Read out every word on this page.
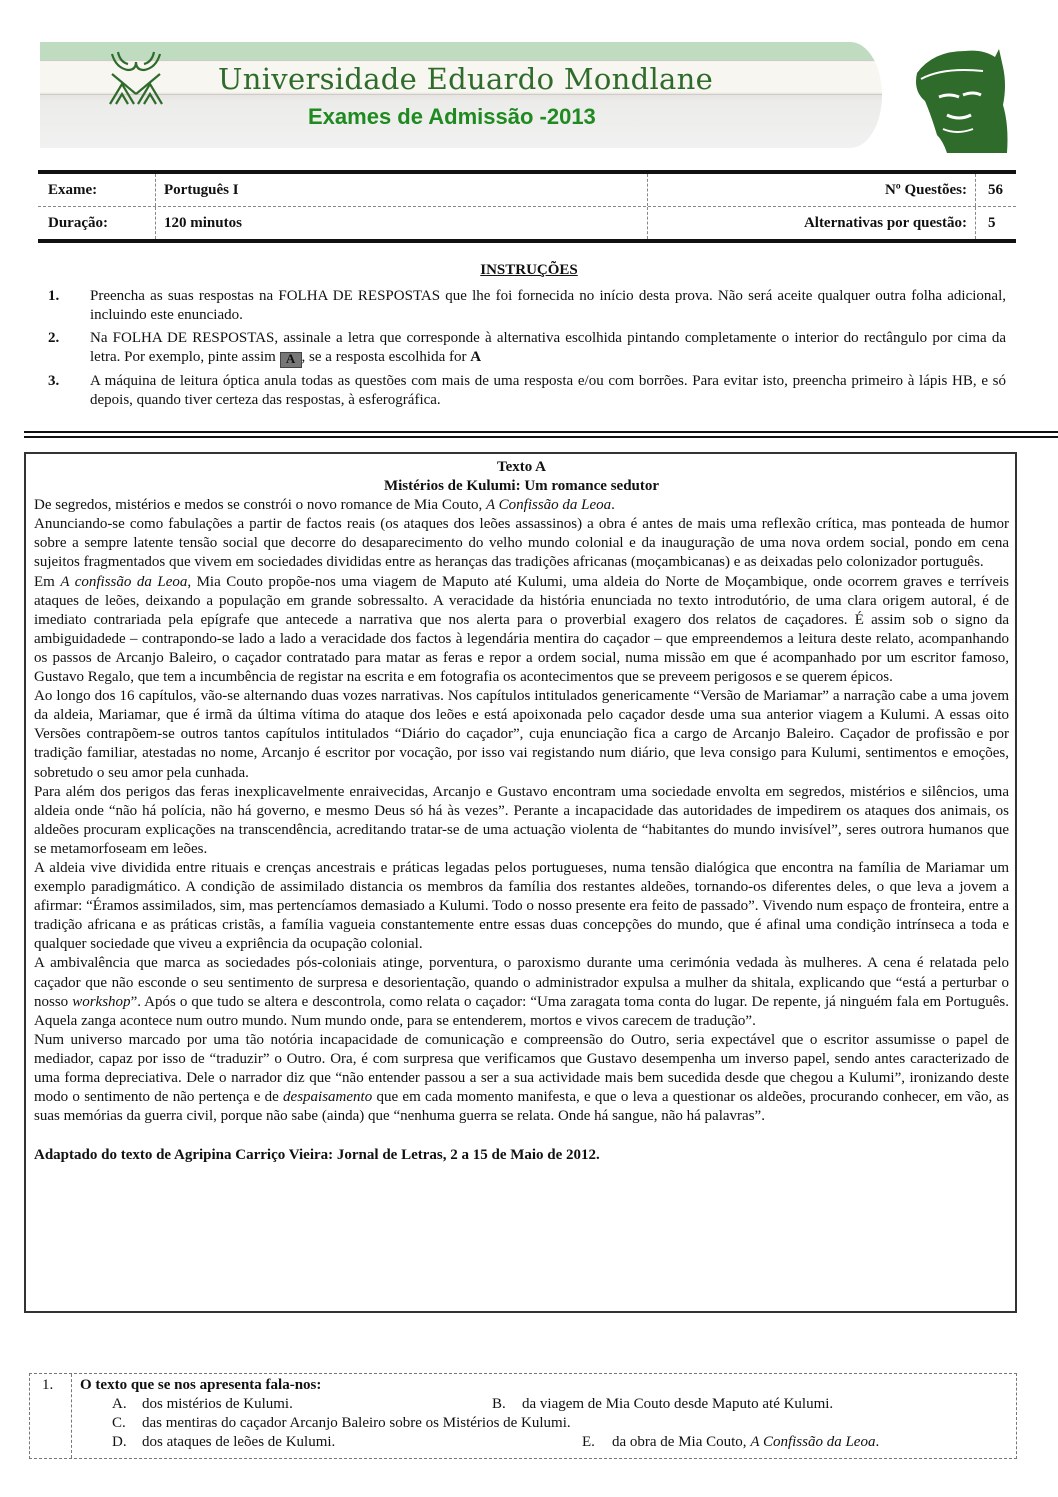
Universidade Eduardo Mondlane
Exames de Admissão -2013
Exame:	Português I	Nº Questões:	56
Duração:	120 minutos	Alternativas por questão:	5
INSTRUÇÕES
1.	Preencha as suas respostas na FOLHA DE RESPOSTAS que lhe foi fornecida no início desta prova. Não será aceite qualquer outra folha adicional, incluindo este enunciado.
2.	Na FOLHA DE RESPOSTAS, assinale a letra que corresponde à alternativa escolhida pintando completamente o interior do rectângulo por cima da letra. Por exemplo, pinte assim A , se a resposta escolhida for A
3.	A máquina de leitura óptica anula todas as questões com mais de uma resposta e/ou com borrões. Para evitar isto, preencha primeiro à lápis HB, e só depois, quando tiver certeza das respostas, à esferográfica.
Texto A
Mistérios de Kulumi: Um romance sedutor

De segredos, mistérios e medos se constrói o novo romance de Mia Couto, A Confissão da Leoa.

Anunciando-se como fabulações a partir de factos reais (os ataques dos leões assassinos) a obra é antes de mais uma reflexão crítica, mas ponteada de humor sobre a sempre latente tensão social que decorre do desaparecimento do velho mundo colonial e da inauguração de uma nova ordem social, pondo em cena sujeitos fragmentados que vivem em sociedades divididas entre as heranças das tradições africanas (moçambicanas) e as deixadas pelo colonizador português.

Em A confissão da Leoa, Mia Couto propõe-nos uma viagem de Maputo até Kulumi, uma aldeia do Norte de Moçambique, onde ocorrem graves e terríveis ataques de leões, deixando a população em grande sobressalto. A veracidade da história enunciada no texto introdutório, de uma clara origem autoral, é de imediato contrariada pela epígrafe que antecede a narrativa que nos alerta para o proverbial exagero dos relatos de caçadores. É assim sob o signo da ambiguidadede – contrapondo-se lado a lado a veracidade dos factos à legendária mentira do caçador – que empreendemos a leitura deste relato, acompanhando os passos de Arcanjo Baleiro, o caçador contratado para matar as feras e repor a ordem social, numa missão em que é acompanhado por um escritor famoso, Gustavo Regalo, que tem a incumbência de registar na escrita e em fotografia os acontecimentos que se preveem perigosos e se querem épicos.

Ao longo dos 16 capítulos, vão-se alternando duas vozes narrativas. Nos capítulos intitulados genericamente “Versão de Mariamar” a narração cabe a uma jovem da aldeia, Mariamar, que é irmã da última vítima do ataque dos leões e está apoixonada pelo caçador desde uma sua anterior viagem a Kulumi. A essas oito Versões contrapõem-se outros tantos capítulos intitulados “Diário do caçador”, cuja enunciação fica a cargo de Arcanjo Baleiro. Caçador de profissão e por tradição familiar, atestadas no nome, Arcanjo é escritor por vocação, por isso vai registando num diário, que leva consigo para Kulumi, sentimentos e emoções, sobretudo o seu amor pela cunhada.

Para além dos perigos das feras inexplicavelmente enraivecidas, Arcanjo e Gustavo encontram uma sociedade envolta em segredos, mistérios e silêncios, uma aldeia onde “não há polícia, não há governo, e mesmo Deus só há às vezes”. Perante a incapacidade das autoridades de impedirem os ataques dos animais, os aldeões procuram explicações na transcendência, acreditando tratar-se de uma actuação violenta de “habitantes do mundo invisível”, seres outrora humanos que se metamorfoseam em leões.

A aldeia vive dividida entre rituais e crenças ancestrais e práticas legadas pelos portugueses, numa tensão dialógica que encontra na família de Mariamar um exemplo paradigmático. A condição de assimilado distancia os membros da família dos restantes aldeões, tornando-os diferentes deles, o que leva a jovem a afirmar: “Éramos assimilados, sim, mas pertencíamos demasiado a Kulumi. Todo o nosso presente era feito de passado”. Vivendo num espaço de fronteira, entre a tradição africana e as práticas cristãs, a família vagueia constantemente entre essas duas concepções do mundo, que é afinal uma condição intrínseca a toda e qualquer sociedade que viveu a expriência da ocupação colonial.

A ambivalência que marca as sociedades pós-coloniais atinge, porventura, o paroxismo durante uma cerimónia vedada às mulheres. A cena é relatada pelo caçador que não esconde o seu sentimento de surpresa e desorientação, quando o administrador expulsa a mulher da shitala, explicando que “está a perturbar o nosso workshop”. Após o que tudo se altera e descontrola, como relata o caçador: “Uma zaragata toma conta do lugar. De repente, já ninguém fala em Português. Aquela zanga acontece num outro mundo. Num mundo onde, para se entenderem, mortos e vivos carecem de tradução”.

Num universo marcado por uma tão notória incapacidade de comunicação e compreensão do Outro, seria expectável que o escritor assumisse o papel de mediador, capaz por isso de “traduzir” o Outro. Ora, é com surpresa que verificamos que Gustavo desempenha um inverso papel, sendo antes caracterizado de uma forma depreciativa. Dele o narrador diz que “não entender passou a ser a sua actividade mais bem sucedida desde que chegou a Kulumi”, ironizando deste modo o sentimento de não pertença e de despaisamento que em cada momento manifesta, e que o leva a questionar os aldeões, procurando conhecer, em vão, as suas memórias da guerra civil, porque não sabe (ainda) que “nenhuma guerra se relata. Onde há sangue, não há palavras”.

Adaptado do texto de Agripina Carriço Vieira: Jornal de Letras, 2 a 15 de Maio de 2012.
1.	O texto que se nos apresenta fala-nos:
A.	dos mistérios de Kulumi.	B.	da viagem de Mia Couto desde Maputo até Kulumi.
C.	das mentiras do caçador Arcanjo Baleiro sobre os Mistérios de Kulumi.
D.	dos ataques de leões de Kulumi.	E.	da obra de Mia Couto, A Confissão da Leoa.
